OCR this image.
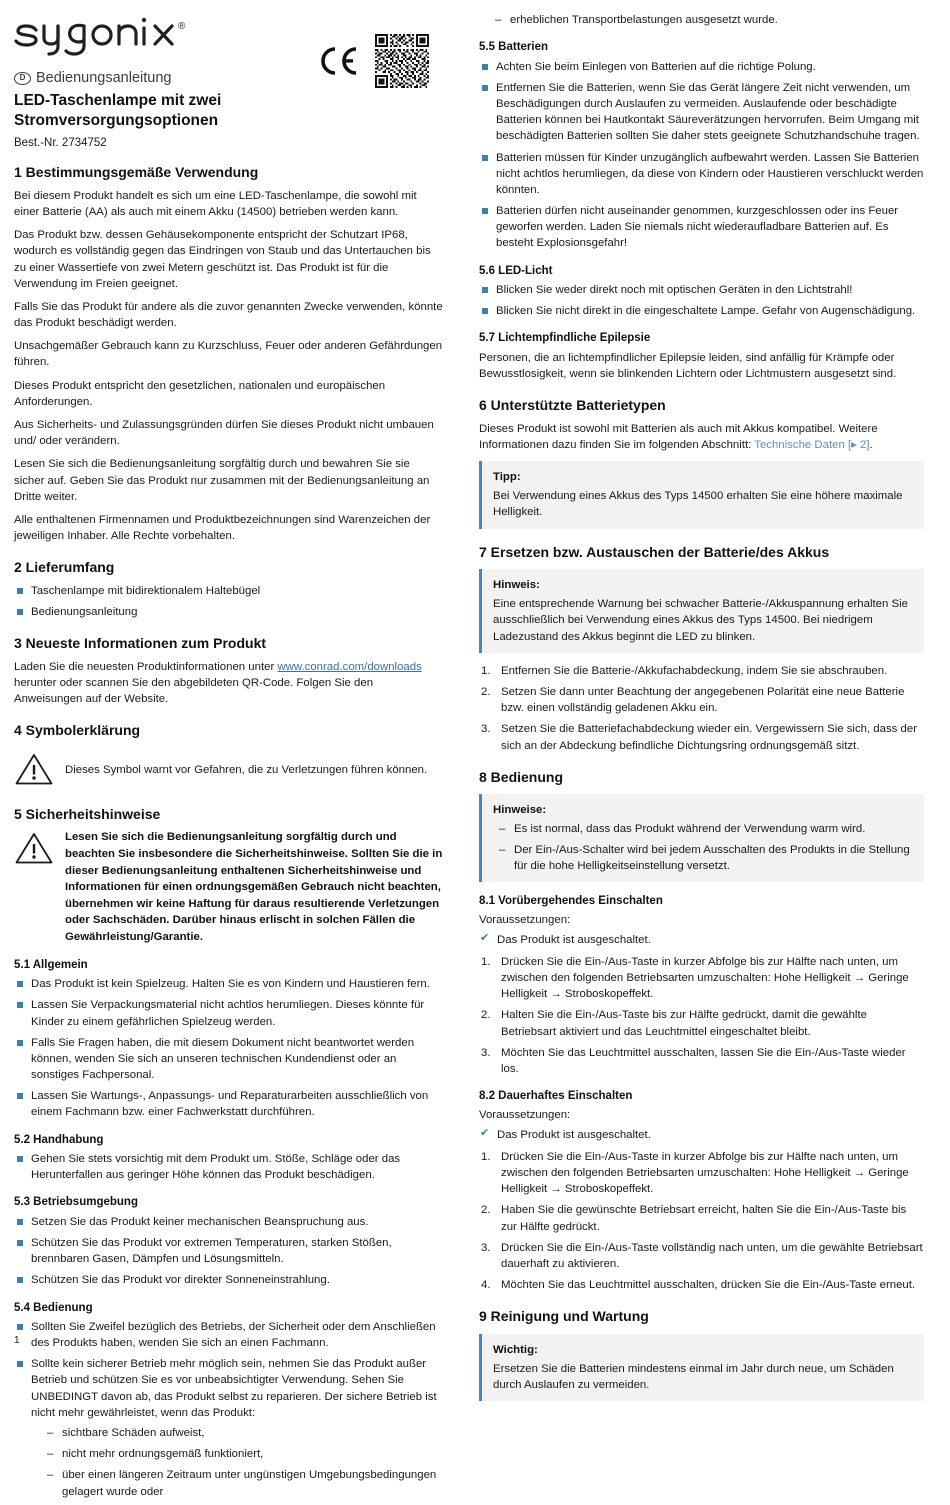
®
D Bedienungsanleitung
LED-Taschenlampe mit zwei
Stromversorgungsoptionen
Best.-Nr. 2734752
1 Bestimmungsgemäße Verwendung

Bei diesem Produkt handelt es sich um eine LED-Taschenlampe, die sowohl mit einer Batterie (AA) als auch mit einem Akku (14500) betrieben werden kann.

Das Produkt bzw. dessen Gehäusekomponente entspricht der Schutzart IP68, wodurch es vollständig gegen das Eindringen von Staub und das Untertauchen bis zu einer Wassertiefe von zwei Metern geschützt ist. Das Produkt ist für die Verwendung im Freien geeignet.

Falls Sie das Produkt für andere als die zuvor genannten Zwecke verwenden, könnte das Produkt beschädigt werden.

Unsachgemäßer Gebrauch kann zu Kurzschluss, Feuer oder anderen Gefährdungen führen.

Dieses Produkt entspricht den gesetzlichen, nationalen und europäischen Anforderungen.

Aus Sicherheits- und Zulassungsgründen dürfen Sie dieses Produkt nicht umbauen und/ oder verändern.

Lesen Sie sich die Bedienungsanleitung sorgfältig durch und bewahren Sie sie sicher auf. Geben Sie das Produkt nur zusammen mit der Bedienungsanleitung an Dritte weiter.

Alle enthaltenen Firmennamen und Produktbezeichnungen sind Warenzeichen der jeweiligen Inhaber. Alle Rechte vorbehalten.

2 Lieferumfang
Taschenlampe mit bidirektionalem Haltebügel
Bedienungsanleitung
3 Neueste Informationen zum Produkt

Laden Sie die neuesten Produktinformationen unter www.conrad.com/downloads herunter oder scannen Sie den abgebildeten QR-Code. Folgen Sie den Anweisungen auf der Website.

4 Symbolerklärung
Dieses Symbol warnt vor Gefahren, die zu Verletzungen führen können.
5 Sicherheitshinweise
Lesen Sie sich die Bedienungsanleitung sorgfältig durch und beachten Sie insbesondere die Sicherheitshinweise. Sollten Sie die in dieser Bedienungsanleitung enthaltenen Sicherheitshinweise und Informationen für einen ordnungsgemäßen Gebrauch nicht beachten, übernehmen wir keine Haftung für daraus resultierende Verletzungen oder Sachschäden. Darüber hinaus erlischt in solchen Fällen die Gewährleistung/Garantie.
5.1 Allgemein
Das Produkt ist kein Spielzeug. Halten Sie es von Kindern und Haustieren fern.
Lassen Sie Verpackungsmaterial nicht achtlos herumliegen. Dieses könnte für Kinder zu einem gefährlichen Spielzeug werden.
Falls Sie Fragen haben, die mit diesem Dokument nicht beantwortet werden können, wenden Sie sich an unseren technischen Kundendienst oder an sonstiges Fachpersonal.
Lassen Sie Wartungs-, Anpassungs- und Reparaturarbeiten ausschließlich von einem Fachmann bzw. einer Fachwerkstatt durchführen.
5.2 Handhabung
Gehen Sie stets vorsichtig mit dem Produkt um. Stöße, Schläge oder das Herunterfallen aus geringer Höhe können das Produkt beschädigen.
5.3 Betriebsumgebung
Setzen Sie das Produkt keiner mechanischen Beanspruchung aus.
Schützen Sie das Produkt vor extremen Temperaturen, starken Stößen, brennbaren Gasen, Dämpfen und Lösungsmitteln.
Schützen Sie das Produkt vor direkter Sonneneinstrahlung.
5.4 Bedienung
Sollten Sie Zweifel bezüglich des Betriebs, der Sicherheit oder dem Anschließen des Produkts haben, wenden Sie sich an einen Fachmann.
Sollte kein sicherer Betrieb mehr möglich sein, nehmen Sie das Produkt außer Betrieb und schützen Sie es vor unbeabsichtigter Verwendung. Sehen Sie UNBEDINGT davon ab, das Produkt selbst zu reparieren. Der sichere Betrieb ist nicht mehr gewährleistet, wenn das Produkt:
– sichtbare Schäden aufweist,
– nicht mehr ordnungsgemäß funktioniert,
– über einen längeren Zeitraum unter ungünstigen Umgebungsbedingungen gelagert wurde oder
– erheblichen Transportbelastungen ausgesetzt wurde.
5.5 Batterien
Achten Sie beim Einlegen von Batterien auf die richtige Polung.
Entfernen Sie die Batterien, wenn Sie das Gerät längere Zeit nicht verwenden, um Beschädigungen durch Auslaufen zu vermeiden. Auslaufende oder beschädigte Batterien können bei Hautkontakt Säureverätzungen hervorrufen. Beim Umgang mit beschädigten Batterien sollten Sie daher stets geeignete Schutzhandschuhe tragen.
Batterien müssen für Kinder unzugänglich aufbewahrt werden. Lassen Sie Batterien nicht achtlos herumliegen, da diese von Kindern oder Haustieren verschluckt werden könnten.
Batterien dürfen nicht auseinander genommen, kurzgeschlossen oder ins Feuer geworfen werden. Laden Sie niemals nicht wiederaufladbare Batterien auf. Es besteht Explosionsgefahr!
5.6 LED-Licht
Blicken Sie weder direkt noch mit optischen Geräten in den Lichtstrahl!
Blicken Sie nicht direkt in die eingeschaltete Lampe. Gefahr von Augenschädigung.
5.7 Lichtempfindliche Epilepsie

Personen, die an lichtempfindlicher Epilepsie leiden, sind anfällig für Krämpfe oder Bewusstlosigkeit, wenn sie blinkenden Lichtern oder Lichtmustern ausgesetzt sind.

6 Unterstützte Batterietypen

Dieses Produkt ist sowohl mit Batterien als auch mit Akkus kompatibel. Weitere Informationen dazu finden Sie im folgenden Abschnitt: Technische Daten [▸ 2].

Tipp:

Bei Verwendung eines Akkus des Typs 14500 erhalten Sie eine höhere maximale Helligkeit.

7 Ersetzen bzw. Austauschen der Batterie/des Akkus

Hinweis:

Eine entsprechende Warnung bei schwacher Batterie-/Akkuspannung erhalten Sie ausschließlich bei Verwendung eines Akkus des Typs 14500. Bei niedrigem Ladezustand des Akkus beginnt die LED zu blinken.

Entfernen Sie die Batterie-/Akkufachabdeckung, indem Sie sie abschrauben.
Setzen Sie dann unter Beachtung der angegebenen Polarität eine neue Batterie bzw. einen vollständig geladenen Akku ein.
Setzen Sie die Batteriefachabdeckung wieder ein. Vergewissern Sie sich, dass der sich an der Abdeckung befindliche Dichtungsring ordnungsgemäß sitzt.
8 Bedienung

Hinweise:

– Es ist normal, dass das Produkt während der Verwendung warm wird.
– Der Ein-/Aus-Schalter wird bei jedem Ausschalten des Produkts in die Stellung für die hohe Helligkeitseinstellung versetzt.
8.1 Vorübergehendes Einschalten

Voraussetzungen:

✔ Das Produkt ist ausgeschaltet.
Drücken Sie die Ein-/Aus-Taste in kurzer Abfolge bis zur Hälfte nach unten, um zwischen den folgenden Betriebsarten umzuschalten: Hohe Helligkeit → Geringe Helligkeit → Stroboskopeffekt.
Halten Sie die Ein-/Aus-Taste bis zur Hälfte gedrückt, damit die gewählte Betriebsart aktiviert und das Leuchtmittel eingeschaltet bleibt.
Möchten Sie das Leuchtmittel ausschalten, lassen Sie die Ein-/Aus-Taste wieder los.
8.2 Dauerhaftes Einschalten

Voraussetzungen:

✔ Das Produkt ist ausgeschaltet.
Drücken Sie die Ein-/Aus-Taste in kurzer Abfolge bis zur Hälfte nach unten, um zwischen den folgenden Betriebsarten umzuschalten: Hohe Helligkeit → Geringe Helligkeit → Stroboskopeffekt.
Haben Sie die gewünschte Betriebsart erreicht, halten Sie die Ein-/Aus-Taste bis zur Hälfte gedrückt.
Drücken Sie die Ein-/Aus-Taste vollständig nach unten, um die gewählte Betriebsart dauerhaft zu aktivieren.
Möchten Sie das Leuchtmittel ausschalten, drücken Sie die Ein-/Aus-Taste erneut.
9 Reinigung und Wartung

Wichtig:

Ersetzen Sie die Batterien mindestens einmal im Jahr durch neue, um Schäden durch Auslaufen zu vermeiden.

1
